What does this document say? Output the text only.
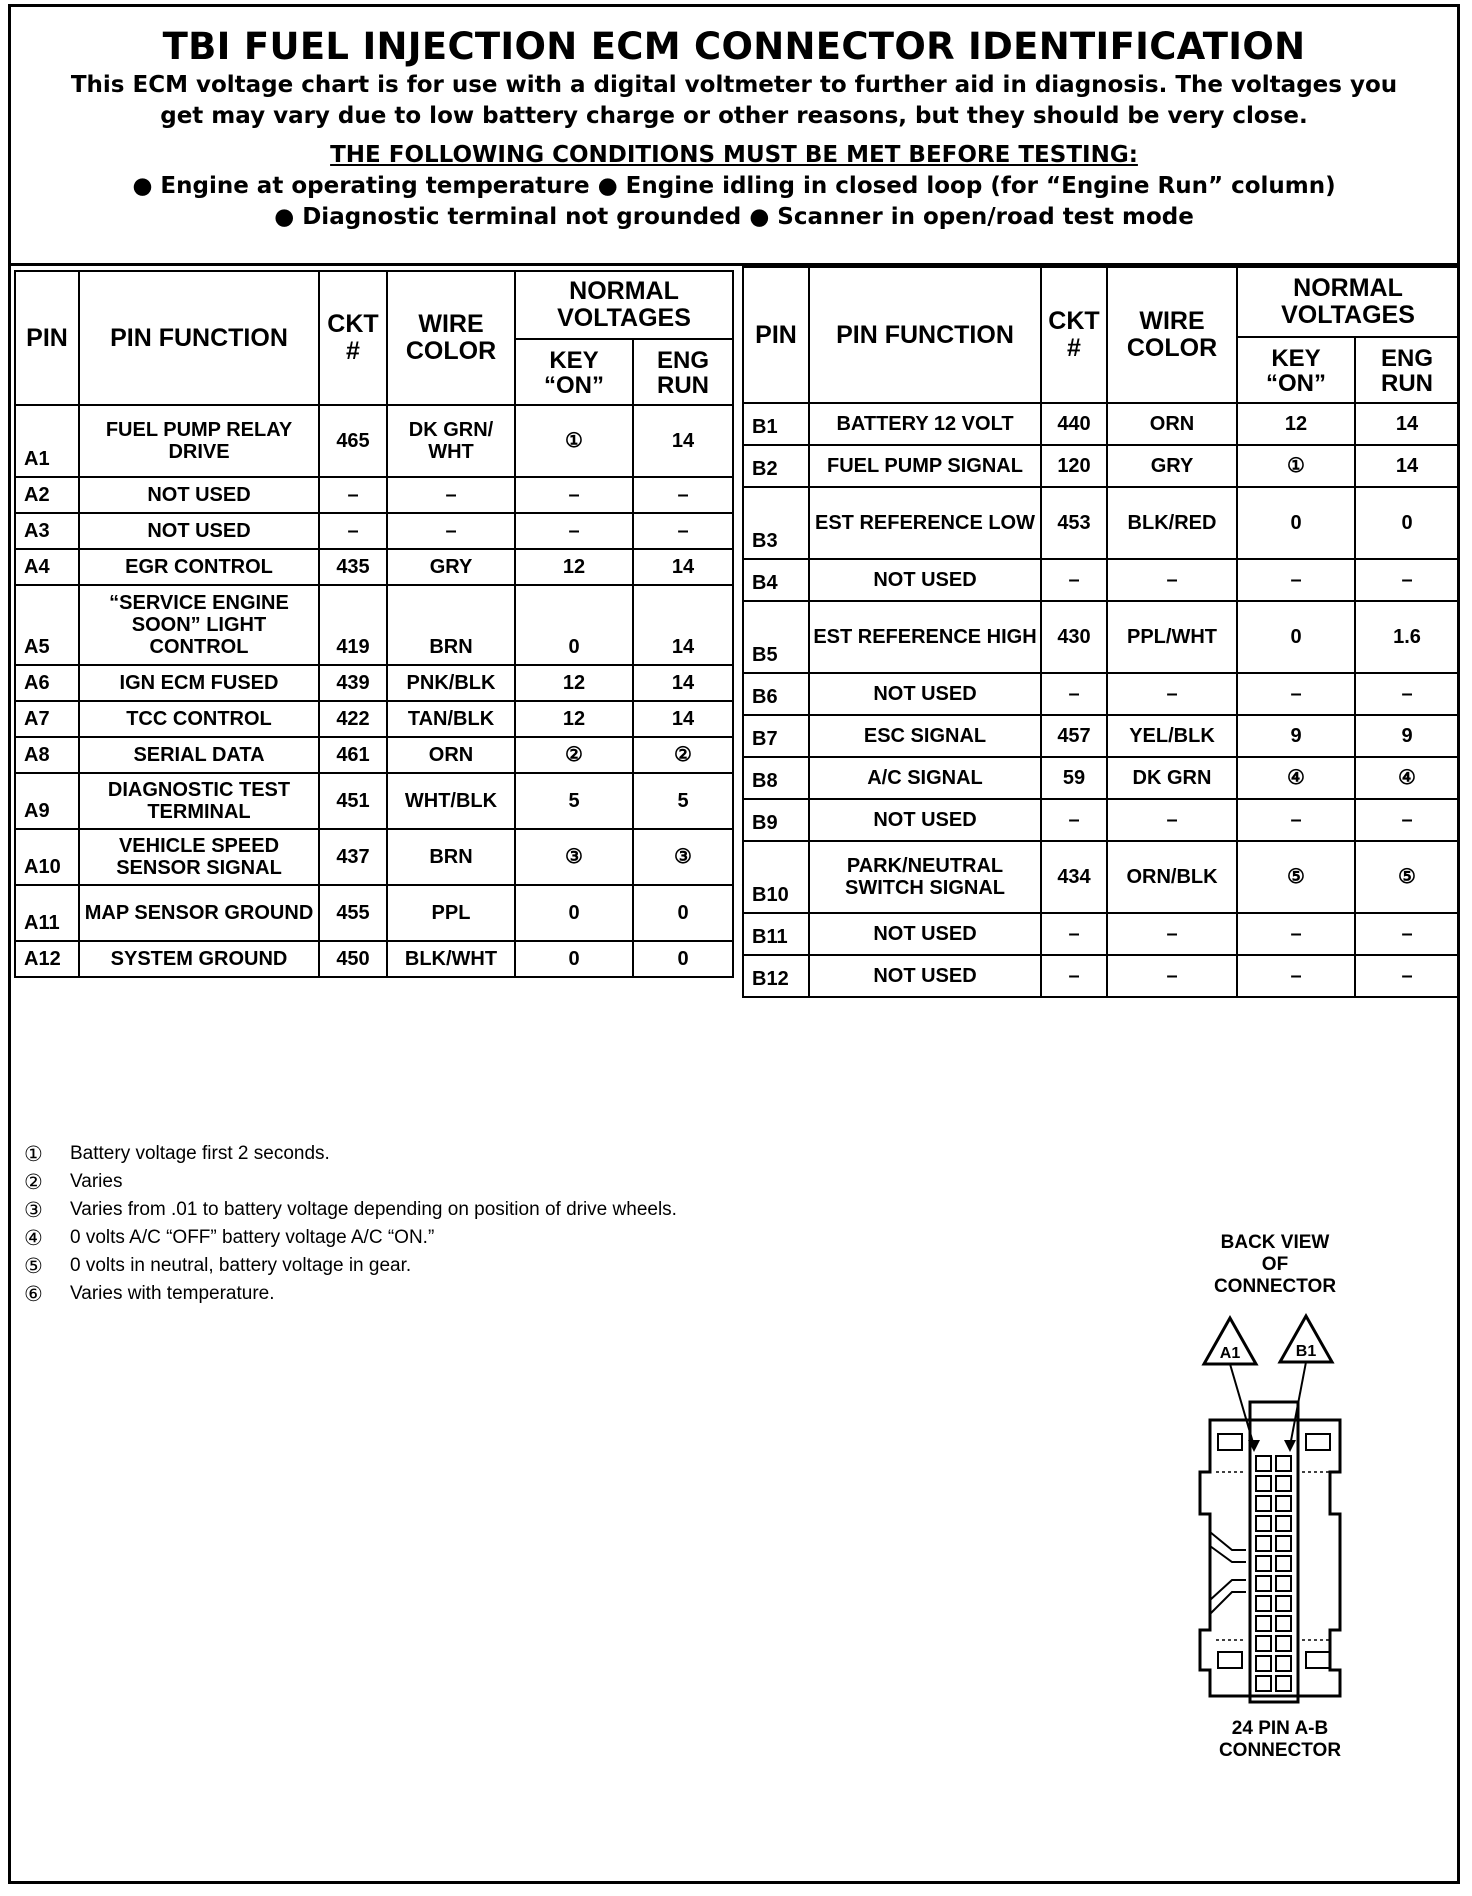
TBI FUEL INJECTION ECM CONNECTOR IDENTIFICATION
This ECM voltage chart is for use with a digital voltmeter to further aid in diagnosis. The voltages you
get may vary due to low battery charge or other reasons, but they should be very close.
THE FOLLOWING CONDITIONS MUST BE MET BEFORE TESTING:
● Engine at operating temperature ● Engine idling in closed loop (for “Engine Run” column)
● Diagnostic terminal not grounded ● Scanner in open/road test mode
PIN	PIN FUNCTION	CKT #	WIRE COLOR	NORMAL VOLTAGES	
				KEY “ON”	ENG RUN
A1	FUEL PUMP RELAY DRIVE	465	DK GRN/ WHT	①	14
A2	NOT USED	–	–	–	–
A3	NOT USED	–	–	–	–
A4	EGR CONTROL	435	GRY	12	14
A5	“SERVICE ENGINE SOON” LIGHT CONTROL	419	BRN	0	14
A6	IGN ECM FUSED	439	PNK/BLK	12	14
A7	TCC CONTROL	422	TAN/BLK	12	14
A8	SERIAL DATA	461	ORN	②	②
A9	DIAGNOSTIC TEST TERMINAL	451	WHT/BLK	5	5
A10	VEHICLE SPEED SENSOR SIGNAL	437	BRN	③	③
A11	MAP SENSOR GROUND	455	PPL	0	0
A12	SYSTEM GROUND	450	BLK/WHT	0	0
PIN	PIN FUNCTION	CKT #	WIRE COLOR	NORMAL VOLTAGES	
				KEY “ON”	ENG RUN
B1	BATTERY 12 VOLT	440	ORN	12	14
B2	FUEL PUMP SIGNAL	120	GRY	①	14
B3	EST REFERENCE LOW	453	BLK/RED	0	0
B4	NOT USED	–	–	–	–
B5	EST REFERENCE HIGH	430	PPL/WHT	0	1.6
B6	NOT USED	–	–	–	–
B7	ESC SIGNAL	457	YEL/BLK	9	9
B8	A/C SIGNAL	59	DK GRN	④	④
B9	NOT USED	–	–	–	–
B10	PARK/NEUTRAL SWITCH SIGNAL	434	ORN/BLK	⑤	⑤
B11	NOT USED	–	–	–	–
B12	NOT USED	–	–	–	–
①	Battery voltage first 2 seconds.
②	Varies
③	Varies from .01 to battery voltage depending on position of drive wheels.
④	0 volts A/C “OFF” battery voltage A/C “ON.”
⑤	0 volts in neutral, battery voltage in gear.
⑥	Varies with temperature.
BACK VIEW
OF
CONNECTOR
A1	B1
24 PIN A-B
CONNECTOR
